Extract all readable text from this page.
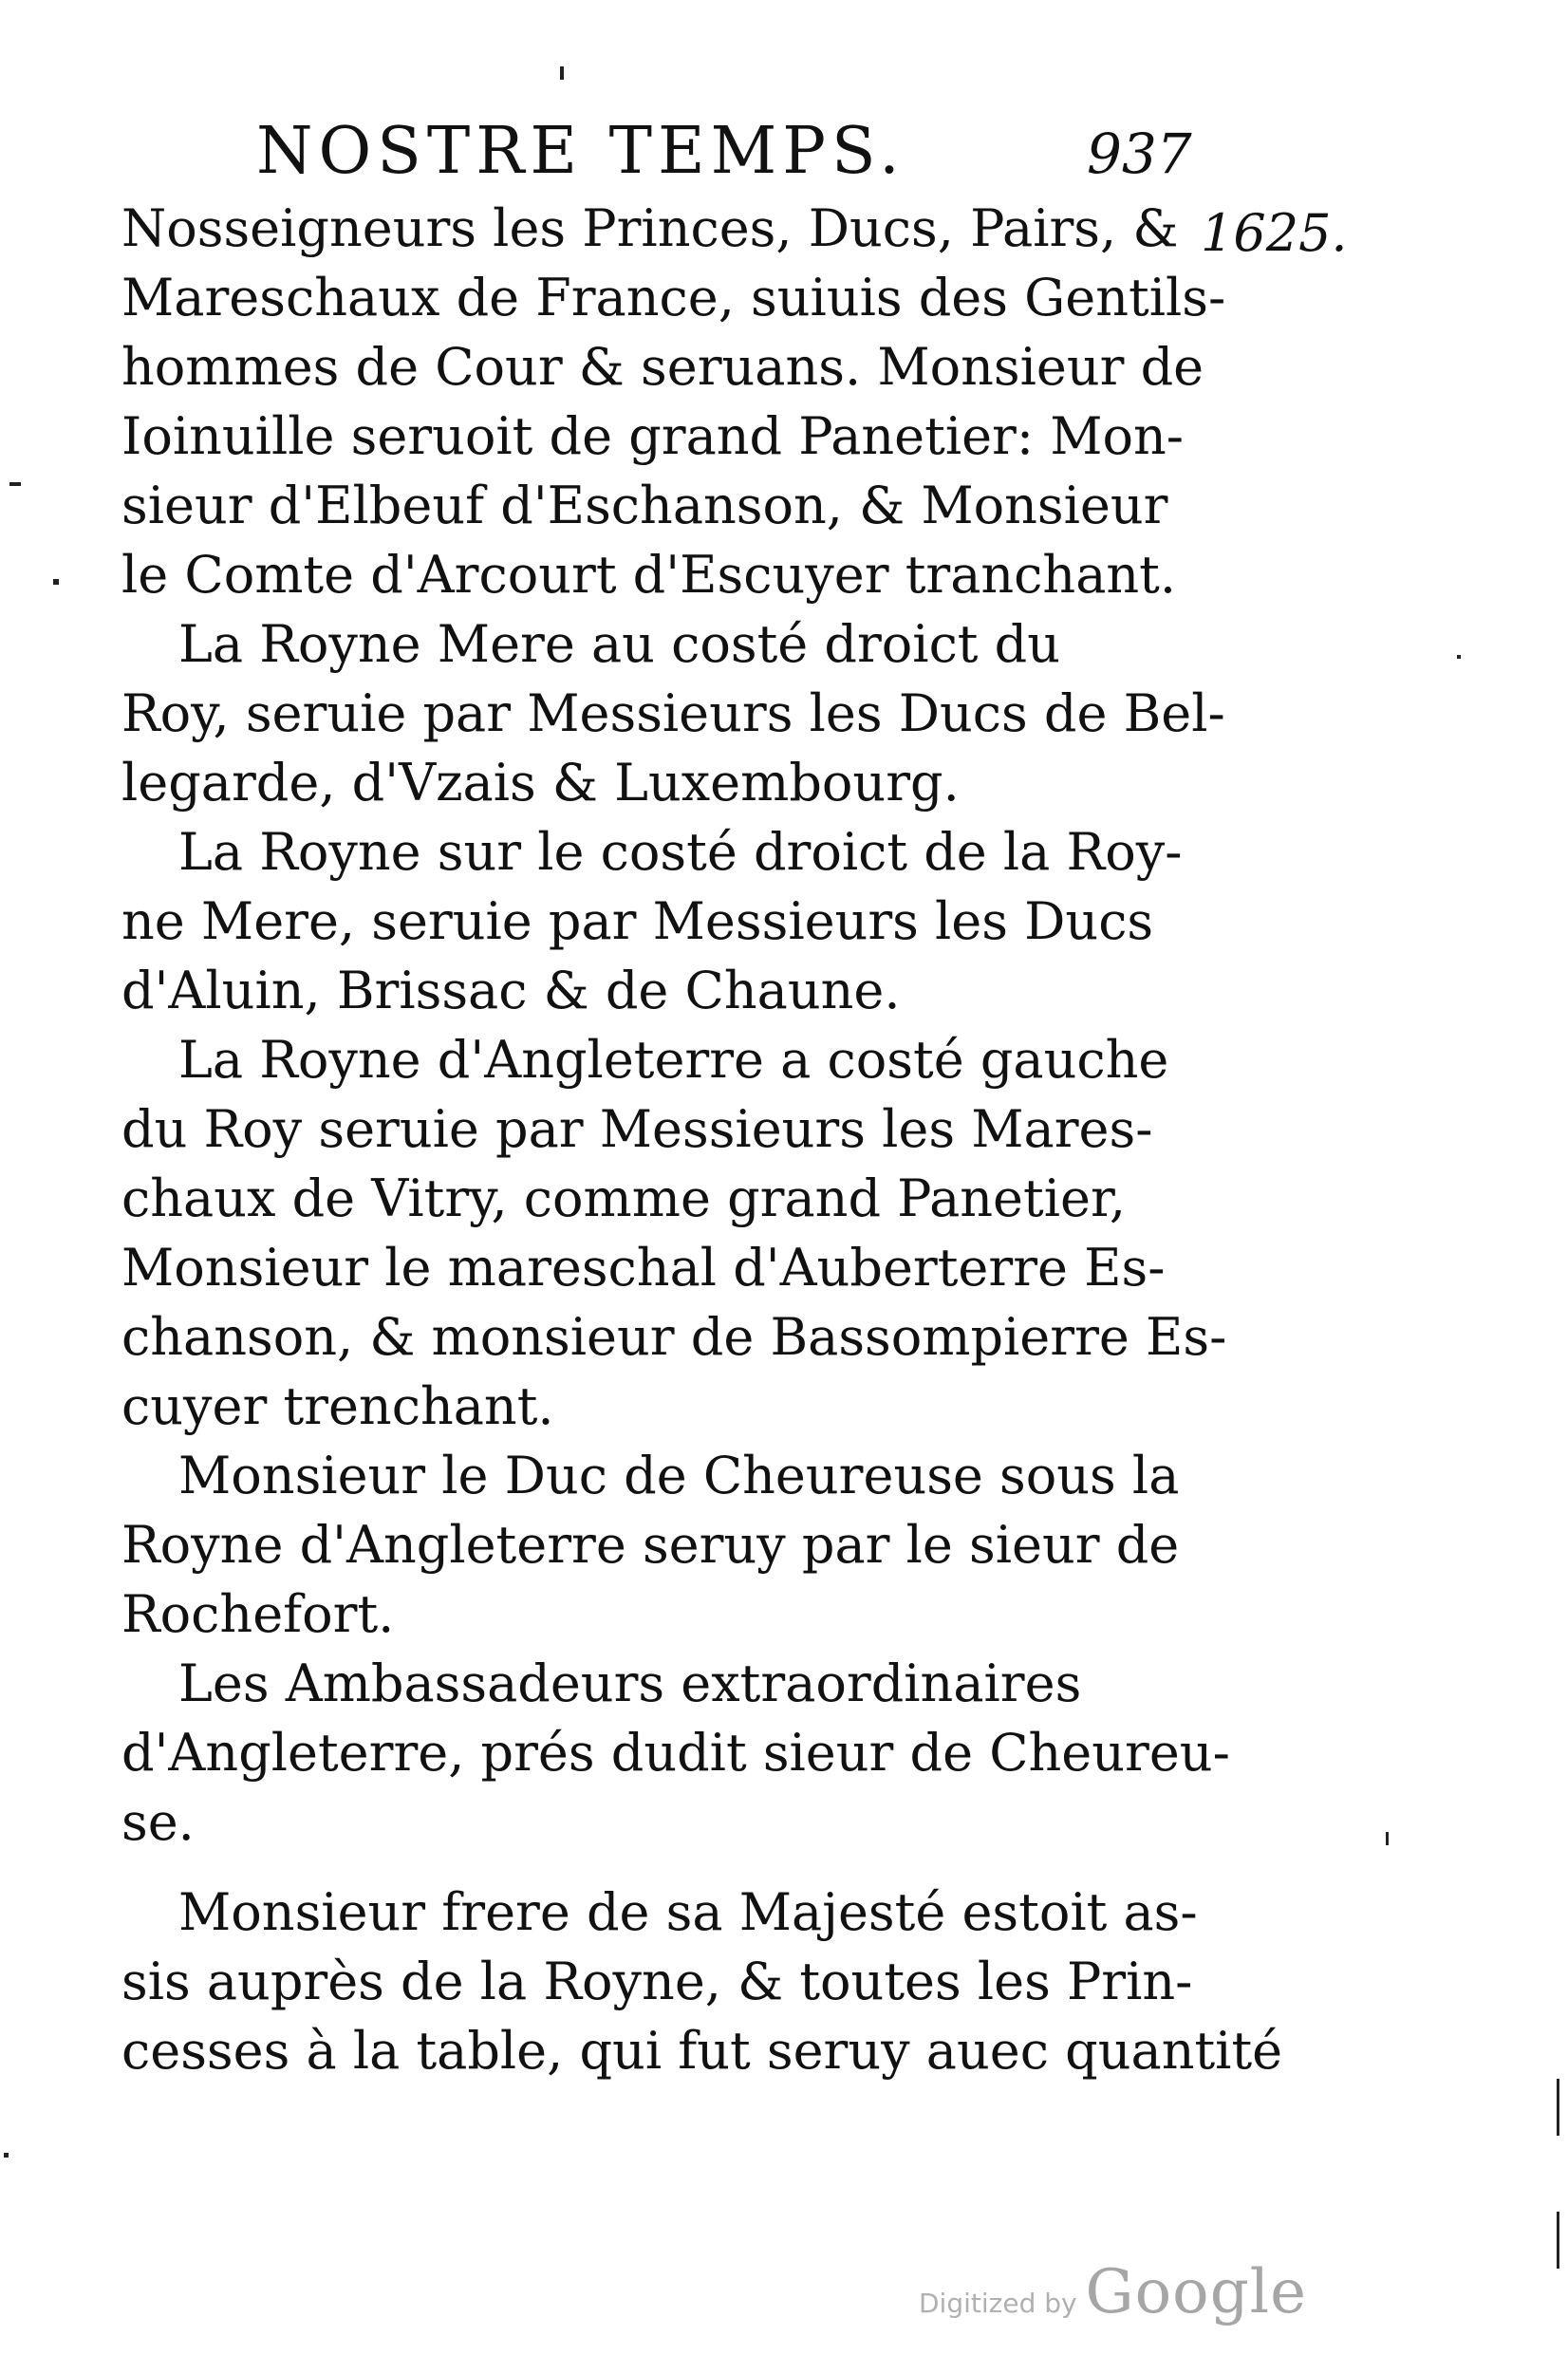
NOSTRE TEMPS.	937
1625.
Nosseigneurs les Princes, Ducs, Pairs, &
Mareschaux de France, suiuis des Gentils-
hommes de Cour & seruans. Monsieur de
Ioinuille seruoit de grand Panetier: Mon-
sieur d'Elbeuf d'Eschanson, & Monsieur
le Comte d'Arcourt d'Escuyer tranchant.
La Royne Mere au costé droict du
Roy, seruie par Messieurs les Ducs de Bel-
legarde, d'Vzais & Luxembourg.
La Royne sur le costé droict de la Roy-
ne Mere, seruie par Messieurs les Ducs
d'Aluin, Brissac & de Chaune.
La Royne d'Angleterre a costé gauche
du Roy seruie par Messieurs les Mares-
chaux de Vitry, comme grand Panetier,
Monsieur le mareschal d'Auberterre Es-
chanson, & monsieur de Bassompierre Es-
cuyer trenchant.
Monsieur le Duc de Cheureuse sous la
Royne d'Angleterre seruy par le sieur de
Rochefort.
Les Ambassadeurs extraordinaires
d'Angleterre, prés dudit sieur de Cheureu-
se.
Monsieur frere de sa Majesté estoit as-
sis auprès de la Royne, & toutes les Prin-
cesses à la table, qui fut seruy auec quantité
Digitized by Google
